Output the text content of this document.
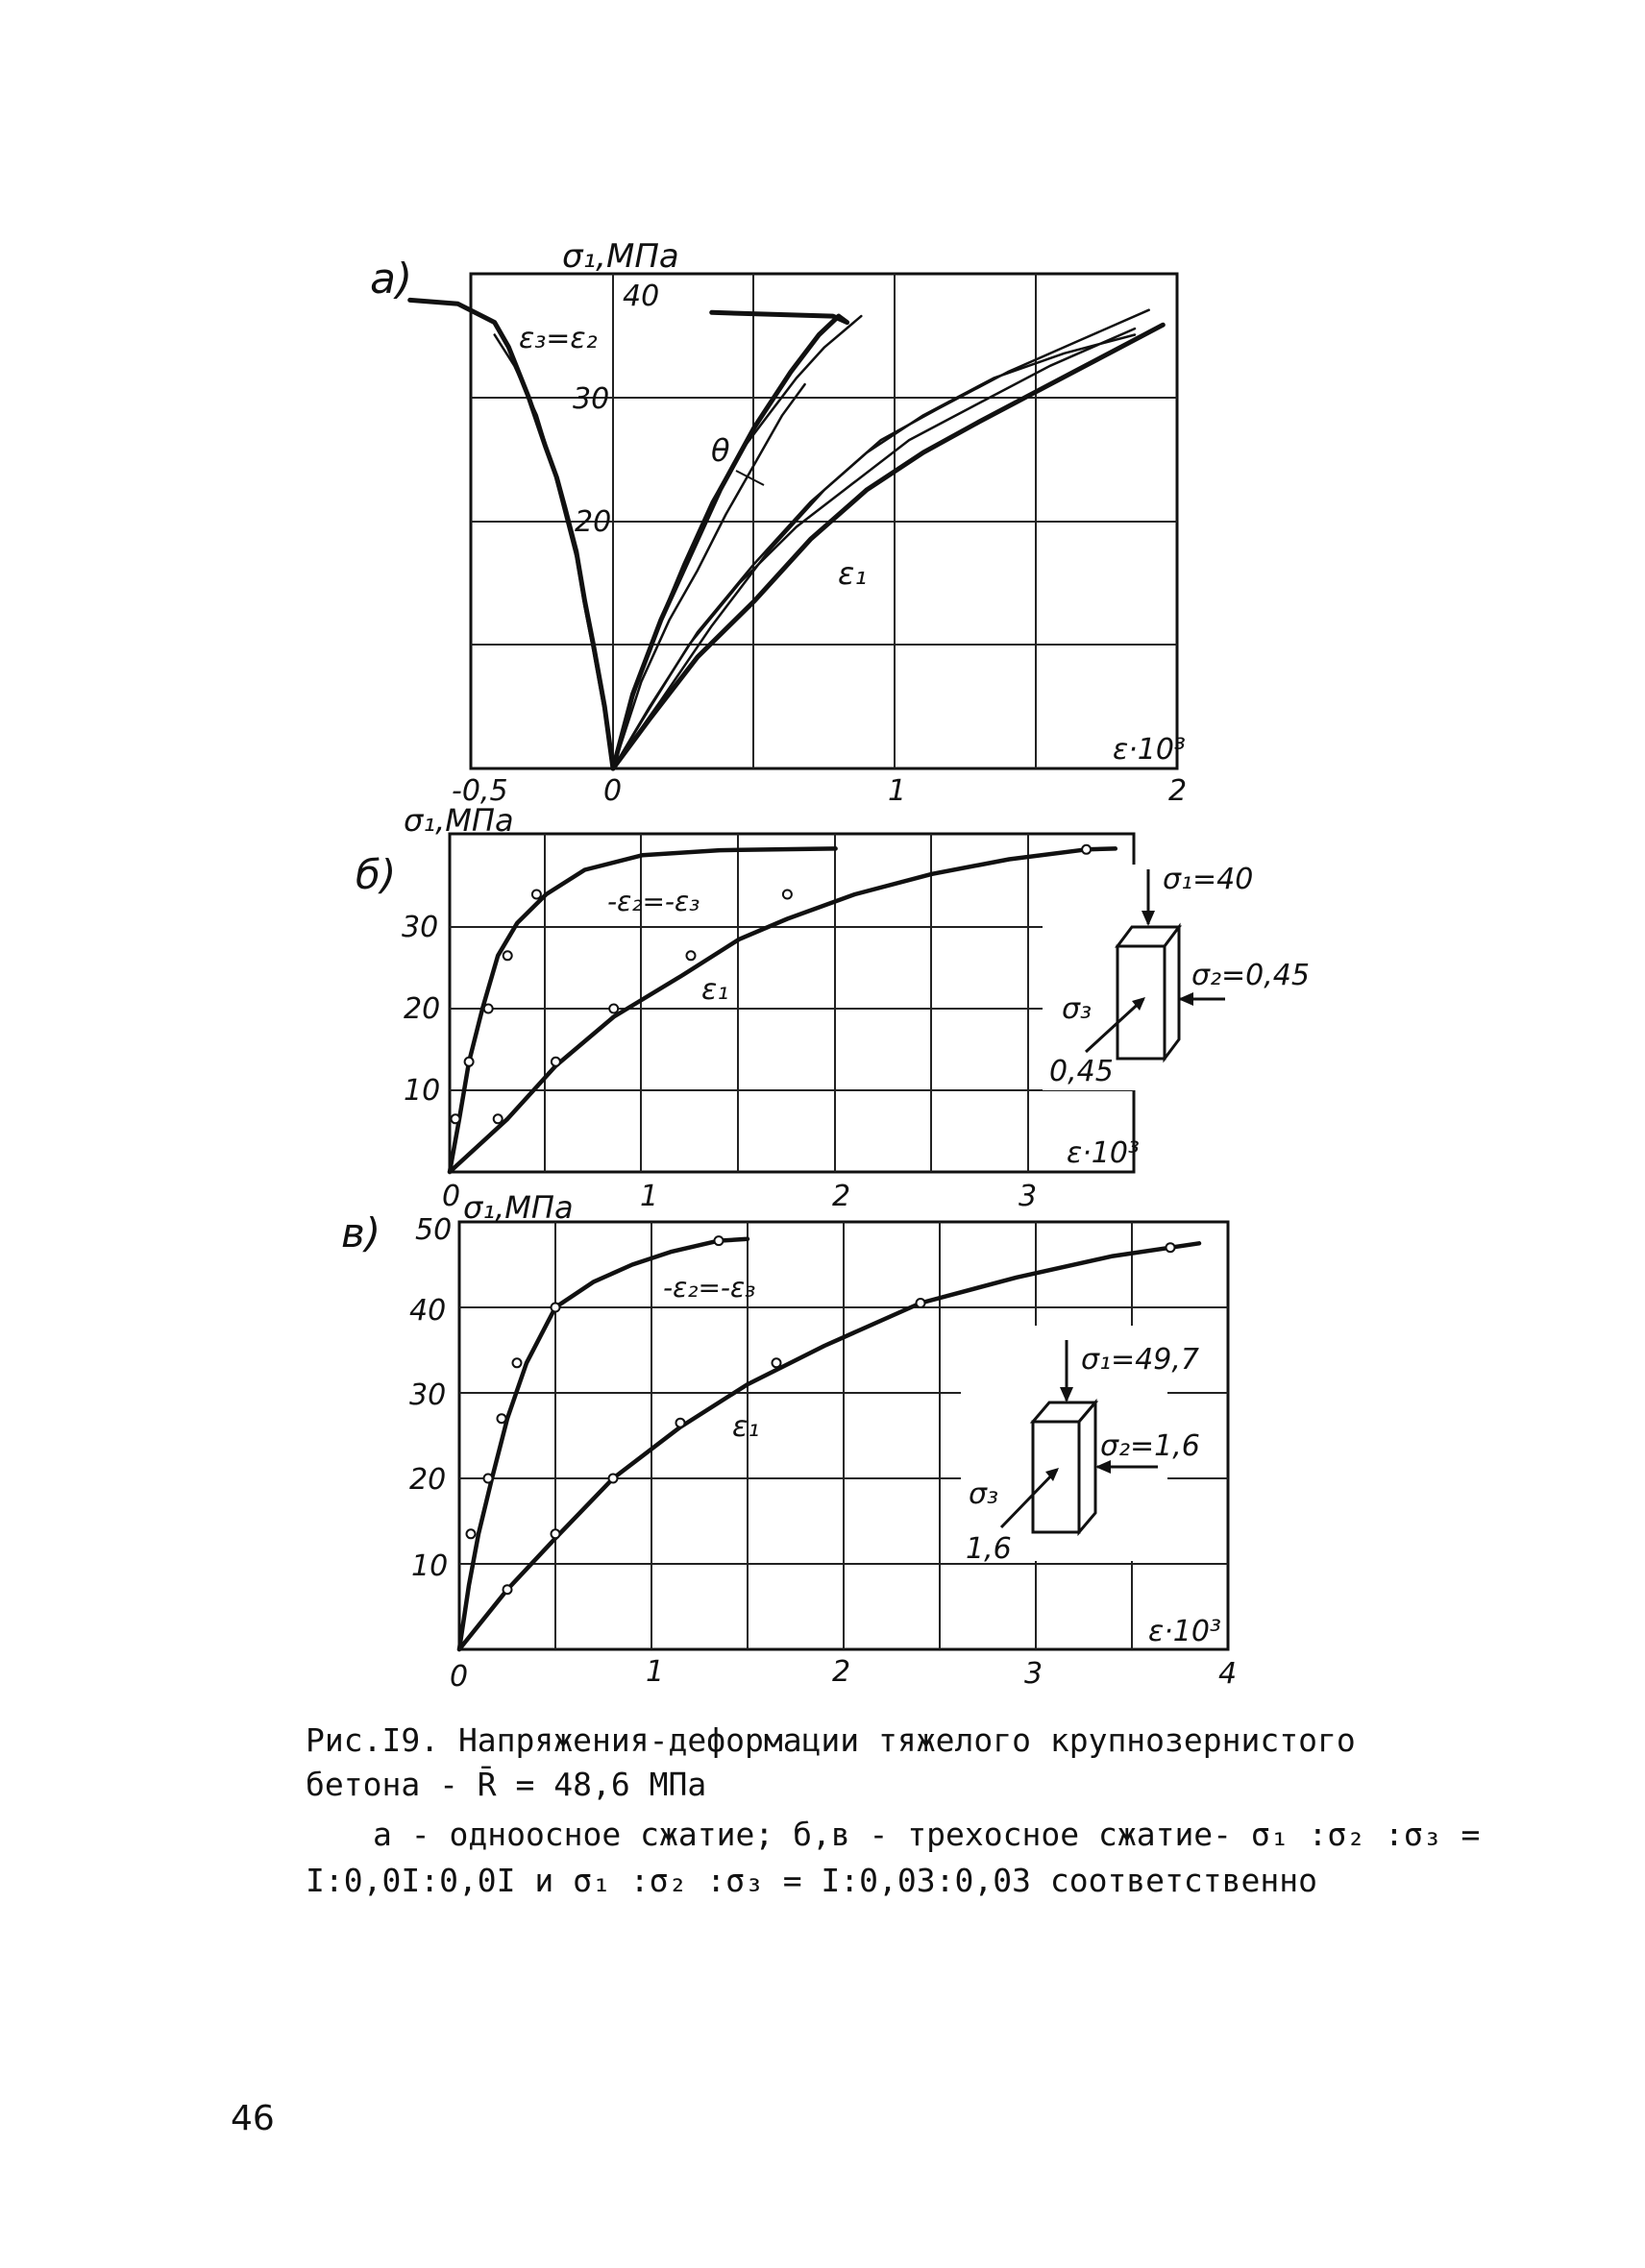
а)	σ₁,МПа
40
30
20
-0,5	0	1	2
ε·10³
ε₃=ε₂
θ
ε₁
б)
σ₁,МПа
30
20
10
0	1	2	3
ε·10³
-ε₂=-ε₃
ε₁
σ₁=40
σ₂=0,45
σ₃
0,45
в)
σ₁,МПа
50
40
30
20
10
0	1	2	3	4
ε·10³
-ε₂=-ε₃
ε₁
σ₁=49,7
σ₂=1,6
σ₃
1,6
Рис.I9. Напряжения-деформации тяжелого крупнозернистого
бетона - R̄ = 48,6 МПа
а - одноосное сжатие; б,в - трехосное сжатие- σ₁ :σ₂ :σ₃ =
I:0,0I:0,0I и σ₁ :σ₂ :σ₃ = I:0,03:0,03 соответственно
46
